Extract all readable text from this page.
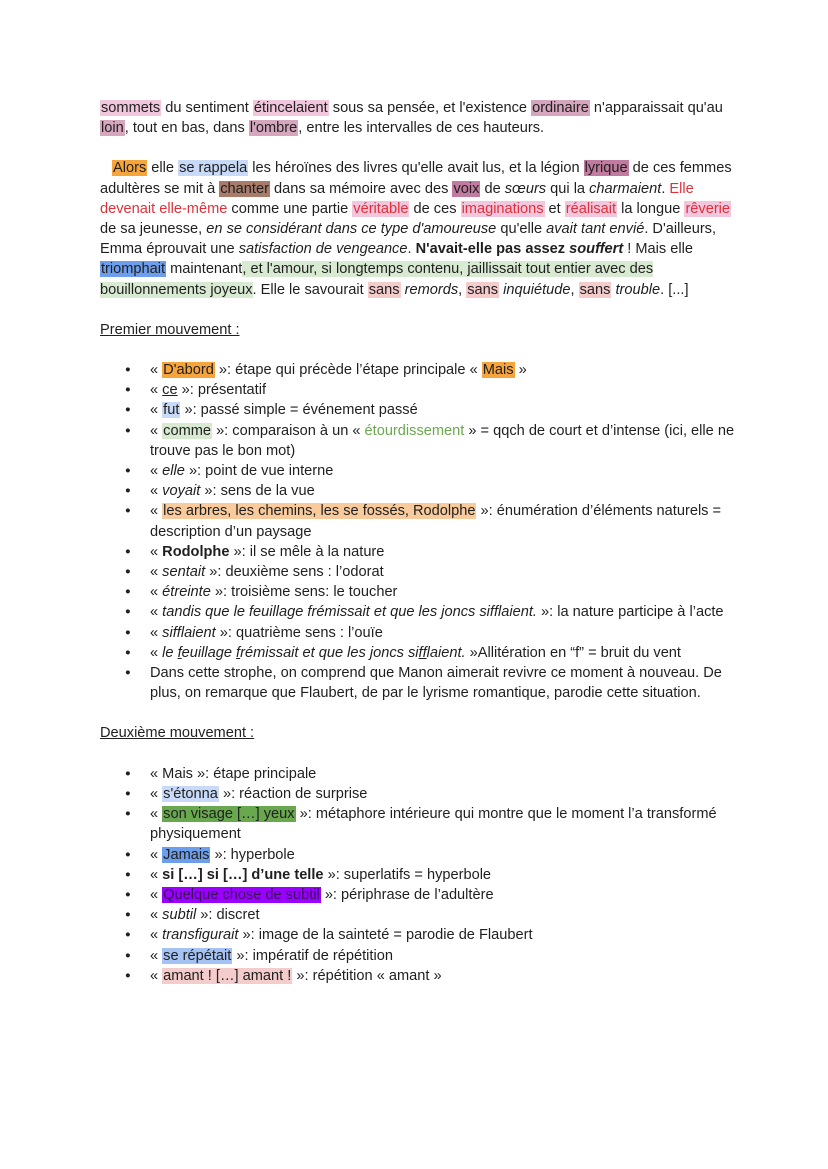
sommets du sentiment étincelaient sous sa pensée, et l'existence ordinaire n'apparaissait qu'au loin, tout en bas, dans l'ombre, entre les intervalles de ces hauteurs.

Alors elle se rappela les héroïnes des livres qu'elle avait lus, et la légion lyrique de ces femmes adultères se mit à chanter dans sa mémoire avec des voix de sœurs qui la charmaient. Elle devenait elle-même comme une partie véritable de ces imaginations et réalisait la longue rêverie de sa jeunesse, en se considérant dans ce type d'amoureuse qu'elle avait tant envié. D'ailleurs, Emma éprouvait une satisfaction de vengeance. N'avait-elle pas assez souffert ! Mais elle triomphait maintenant, et l'amour, si longtemps contenu, jaillissait tout entier avec des bouillonnements joyeux. Elle le savourait sans remords, sans inquiétude, sans trouble. [...]

Premier mouvement :

● « D'abord »: étape qui précède l’étape principale « Mais »
● « ce »: présentatif
● « fut »: passé simple = événement passé
● « comme »: comparaison à un « étourdissement » = qqch de court et d’intense (ici, elle ne trouve pas le bon mot)
● « elle »: point de vue interne
● « voyait »: sens de la vue
● « les arbres, les chemins, les se fossés, Rodolphe »: énumération d’éléments naturels = description d’un paysage
● « Rodolphe »: il se mêle à la nature
● « sentait »: deuxième sens : l’odorat
● « étreinte »: troisième sens: le toucher
● « tandis que le feuillage frémissait et que les joncs sifflaient. »: la nature participe à l’acte
● « sifflaient »: quatrième sens : l’ouïe
● « le feuillage frémissait et que les joncs sifflaient. »Allitération en “f” = bruit du vent
● Dans cette strophe, on comprend que Manon aimerait revivre ce moment à nouveau. De plus, on remarque que Flaubert, de par le lyrisme romantique, parodie cette situation.

Deuxième mouvement :

● « Mais »: étape principale
● « s'étonna »: réaction de surprise
● « son visage […] yeux »: métaphore intérieure qui montre que le moment l’a transformé physiquement
● « Jamais »: hyperbole
● « si […] si […] d’une telle »: superlatifs = hyperbole
● « Quelque chose de subtil »: périphrase de l’adultère
● « subtil »: discret
● « transfigurait »: image de la sainteté = parodie de Flaubert
● « se répétait »: impératif de répétition
● « amant ! […] amant ! »: répétition « amant »
